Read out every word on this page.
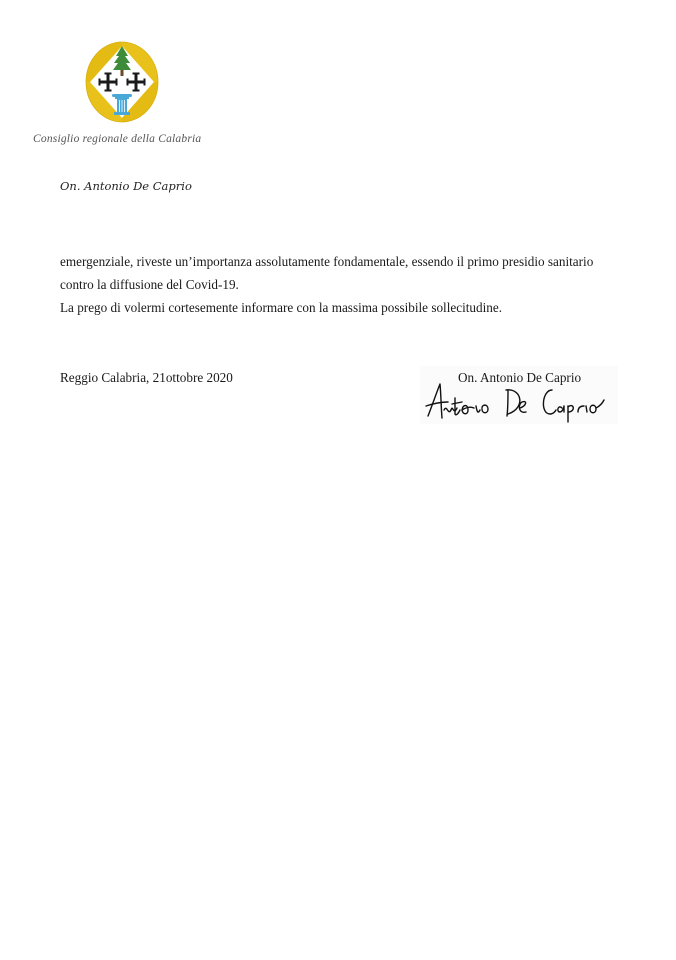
Consiglio regionale della Calabria
On. Antonio De Caprio

emergenziale, riveste un’importanza assolutamente fondamentale, essendo il primo presidio sanitario

contro la diffusione del Covid-19.

La prego di volermi cortesemente informare con la massima possibile sollecitudine.

Reggio Calabria, 21ottobre 2020	On. Antonio De Caprio
